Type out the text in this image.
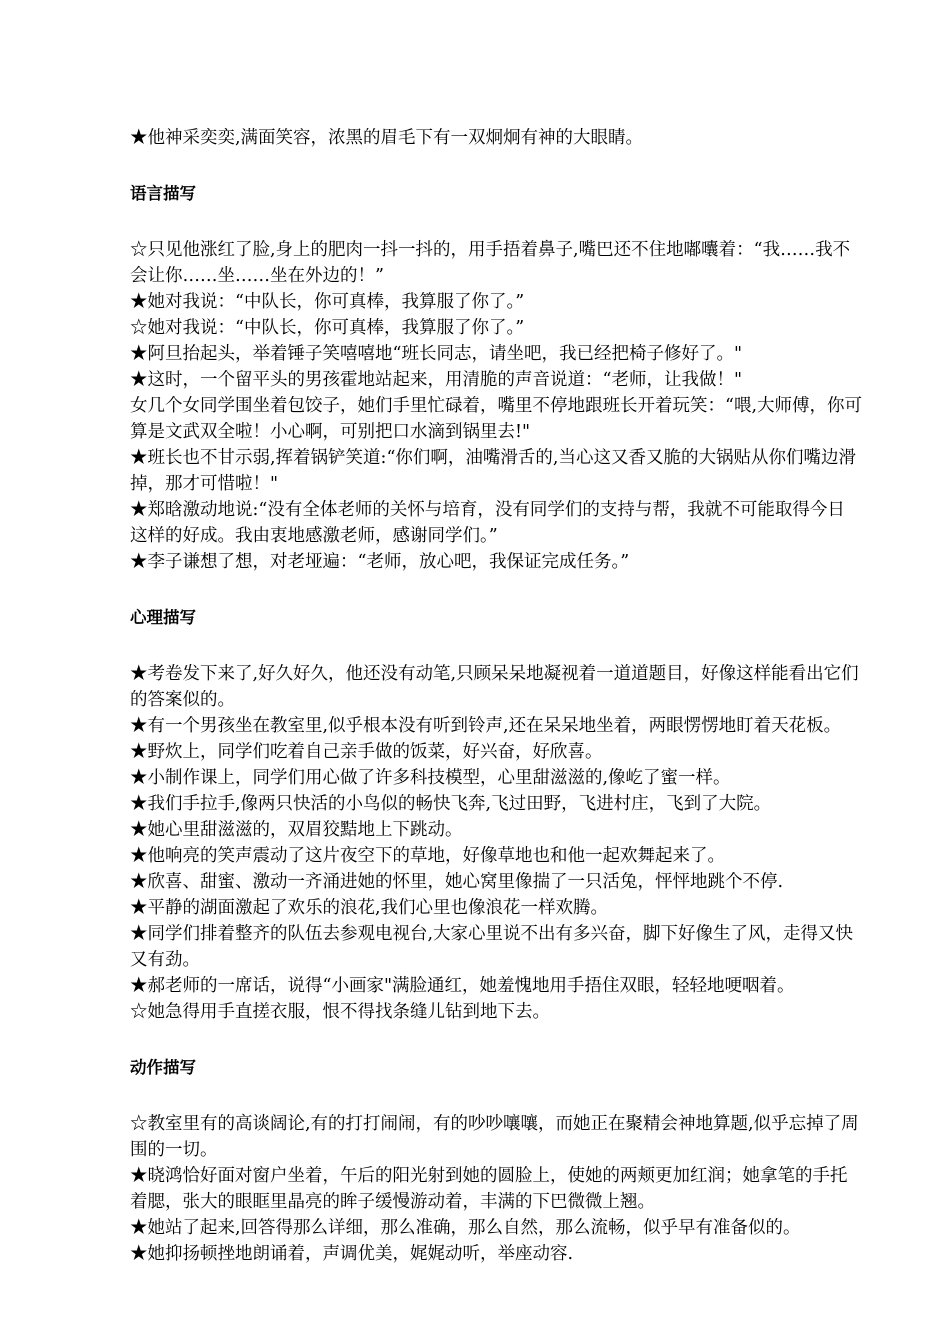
★他神采奕奕,满面笑容，浓黑的眉毛下有一双炯炯有神的大眼睛。

语言描写

☆只见他涨红了脸,身上的肥肉一抖一抖的，用手捂着鼻子,嘴巴还不住地嘟囔着：“我……我不会让你……坐……坐在外边的！”

★她对我说：“中队长，你可真棒，我算服了你了。”

☆她对我说：“中队长，你可真棒，我算服了你了。”

★阿旦抬起头，举着锤子笑嘻嘻地“班长同志，请坐吧，我已经把椅子修好了。"

★这时，一个留平头的男孩霍地站起来，用清脆的声音说道：“老师，让我做！"

女几个女同学围坐着包饺子，她们手里忙碌着，嘴里不停地跟班长开着玩笑：“喂,大师傅，你可算是文武双全啦！小心啊，可别把口水滴到锅里去!"

★班长也不甘示弱,挥着锅铲笑道:“你们啊，油嘴滑舌的,当心这又香又脆的大锅贴从你们嘴边滑掉，那才可惜啦！"

★郑晗激动地说:“没有全体老师的关怀与培育，没有同学们的支持与帮，我就不可能取得今日这样的好成。我由衷地感激老师，感谢同学们。”

★李子谦想了想，对老垭遍：“老师，放心吧，我保证完成任务。”

心理描写

★考卷发下来了,好久好久，他还没有动笔,只顾呆呆地凝视着一道道题目，好像这样能看出它们的答案似的。

★有一个男孩坐在教室里,似乎根本没有听到铃声,还在呆呆地坐着，两眼愣愣地盯着天花板。

★野炊上，同学们吃着自己亲手做的饭菜，好兴奋，好欣喜。

★小制作课上，同学们用心做了许多科技模型，心里甜滋滋的,像屹了蜜一样。

★我们手拉手,像两只快活的小鸟似的畅快飞奔,飞过田野，飞进村庄，飞到了大院。

★她心里甜滋滋的，双眉狡黠地上下跳动。

★他响亮的笑声震动了这片夜空下的草地，好像草地也和他一起欢舞起来了。

★欣喜、甜蜜、激动一齐涌进她的怀里，她心窝里像揣了一只活兔，怦怦地跳个不停.

★平静的湖面激起了欢乐的浪花,我们心里也像浪花一样欢腾。

★同学们排着整齐的队伍去参观电视台,大家心里说不出有多兴奋，脚下好像生了风，走得又快又有劲。

★郝老师的一席话，说得“小画家"满脸通红，她羞愧地用手捂住双眼，轻轻地哽咽着。

☆她急得用手直搓衣服，恨不得找条缝儿钻到地下去。

动作描写

☆教室里有的高谈阔论,有的打打闹闹，有的吵吵嚷嚷，而她正在聚精会神地算题,似乎忘掉了周围的一切。

★晓鸿恰好面对窗户坐着，午后的阳光射到她的圆脸上，使她的两颊更加红润；她拿笔的手托着腮，张大的眼眶里晶亮的眸子缓慢游动着，丰满的下巴微微上翘。

★她站了起来,回答得那么详细，那么准确，那么自然，那么流畅，似乎早有准备似的。

★她抑扬顿挫地朗诵着，声调优美，娓娓动听，举座动容.
